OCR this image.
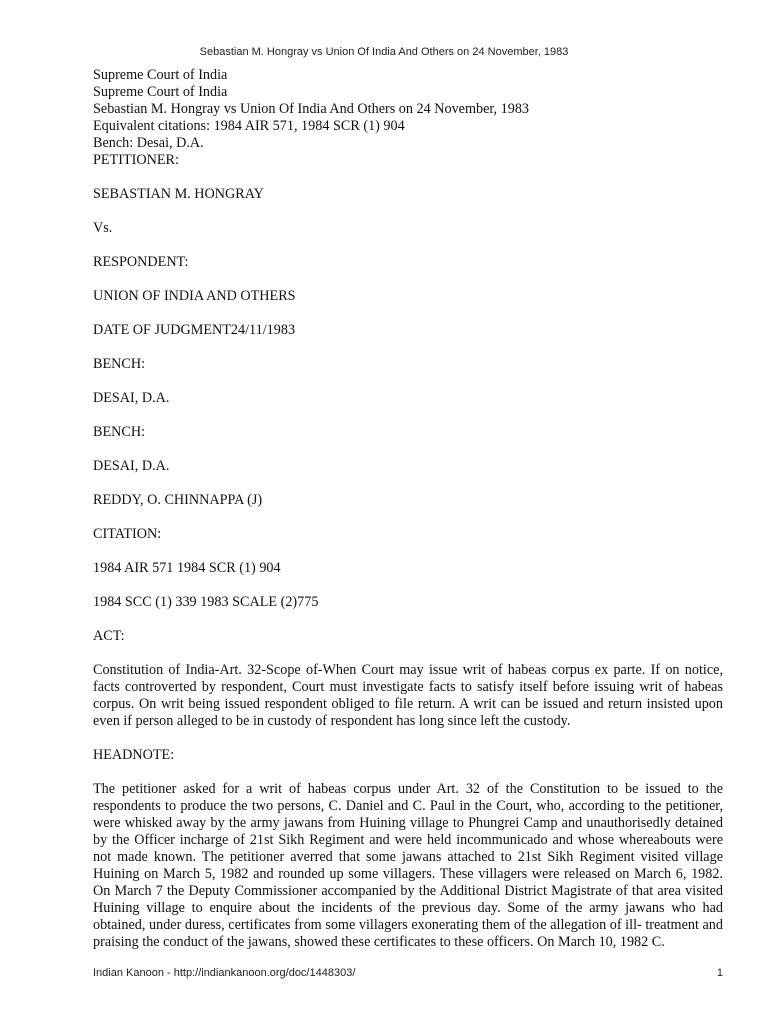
Sebastian M. Hongray vs Union Of India And Others on 24 November, 1983

Supreme Court of India

Supreme Court of India

Sebastian M. Hongray vs Union Of India And Others on 24 November, 1983

Equivalent citations: 1984 AIR 571, 1984 SCR (1) 904

Bench: Desai, D.A.

PETITIONER:

SEBASTIAN M. HONGRAY

Vs.

RESPONDENT:

UNION OF INDIA AND OTHERS

DATE OF JUDGMENT24/11/1983

BENCH:

DESAI, D.A.

BENCH:

DESAI, D.A.

REDDY, O. CHINNAPPA (J)

CITATION:

1984 AIR 571 1984 SCR (1) 904

1984 SCC (1) 339 1983 SCALE (2)775

ACT:

Constitution of India-Art. 32-Scope of-When Court may issue writ of habeas corpus ex parte. If on notice, facts controverted by respondent, Court must investigate facts to satisfy itself before issuing writ of habeas corpus. On writ being issued respondent obliged to file return. A writ can be issued and return insisted upon even if person alleged to be in custody of respondent has long since left the custody.

HEADNOTE:

The petitioner asked for a writ of habeas corpus under Art. 32 of the Constitution to be issued to the respondents to produce the two persons, C. Daniel and C. Paul in the Court, who, according to the petitioner, were whisked away by the army jawans from Huining village to Phungrei Camp and unauthorisedly detained by the Officer incharge of 21st Sikh Regiment and were held incommunicado and whose whereabouts were not made known. The petitioner averred that some jawans attached to 21st Sikh Regiment visited village Huining on March 5, 1982 and rounded up some villagers. These villagers were released on March 6, 1982. On March 7 the Deputy Commissioner accompanied by the Additional District Magistrate of that area visited Huining village to enquire about the incidents of the previous day. Some of the army jawans who had obtained, under duress, certificates from some villagers exonerating them of the allegation of ill- treatment and praising the conduct of the jawans, showed these certificates to these officers. On March 10, 1982 C.

Indian Kanoon - http://indiankanoon.org/doc/1448303/	1
